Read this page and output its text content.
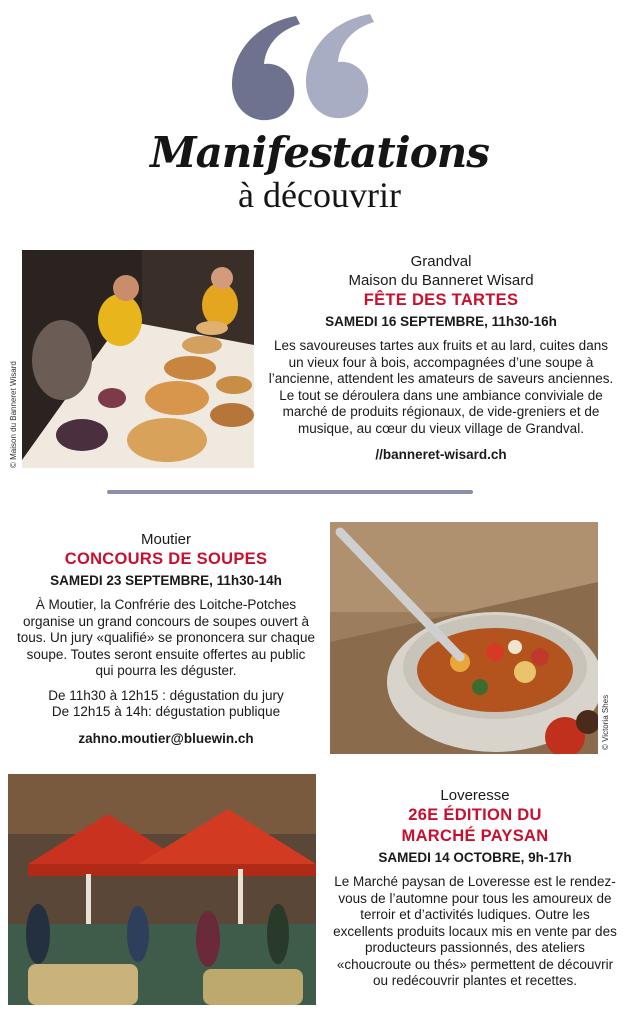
Manifestations
à découvrir
© Maison du Banneret Wisard
Grandval
Maison du Banneret Wisard
FÊTE DES TARTES
SAMEDI 16 SEPTEMBRE, 11h30-16h
Les savoureuses tartes aux fruits et au lard, cuites dans un vieux four à bois, accompagnées d’une soupe à l’ancienne, attendent les amateurs de saveurs anciennes. Le tout se déroulera dans une ambiance conviviale de marché de produits régionaux, de vide-greniers et de musique, au cœur du vieux village de Grandval.
//banneret-wisard.ch
Moutier
CONCOURS DE SOUPES
SAMEDI 23 SEPTEMBRE, 11h30-14h
À Moutier, la Confrérie des Loitche-Potches organise un grand concours de soupes ouvert à tous. Un jury «qualifié» se prononcera sur chaque soupe. Toutes seront ensuite offertes au public qui pourra les déguster.
De 11h30 à 12h15 : dégustation du jury
De 12h15 à 14h: dégustation publique
zahno.moutier@bluewin.ch	© Victoria Shes
Loveresse
26E ÉDITION DU
MARCHÉ PAYSAN
SAMEDI 14 OCTOBRE, 9h-17h
Le Marché paysan de Loveresse est le rendez-vous de l’automne pour tous les amoureux de terroir et d’activités ludiques. Outre les excellents produits locaux mis en vente par des producteurs passionnés, des ateliers «choucroute ou thés» permettent de découvrir ou redécouvrir plantes et recettes.
